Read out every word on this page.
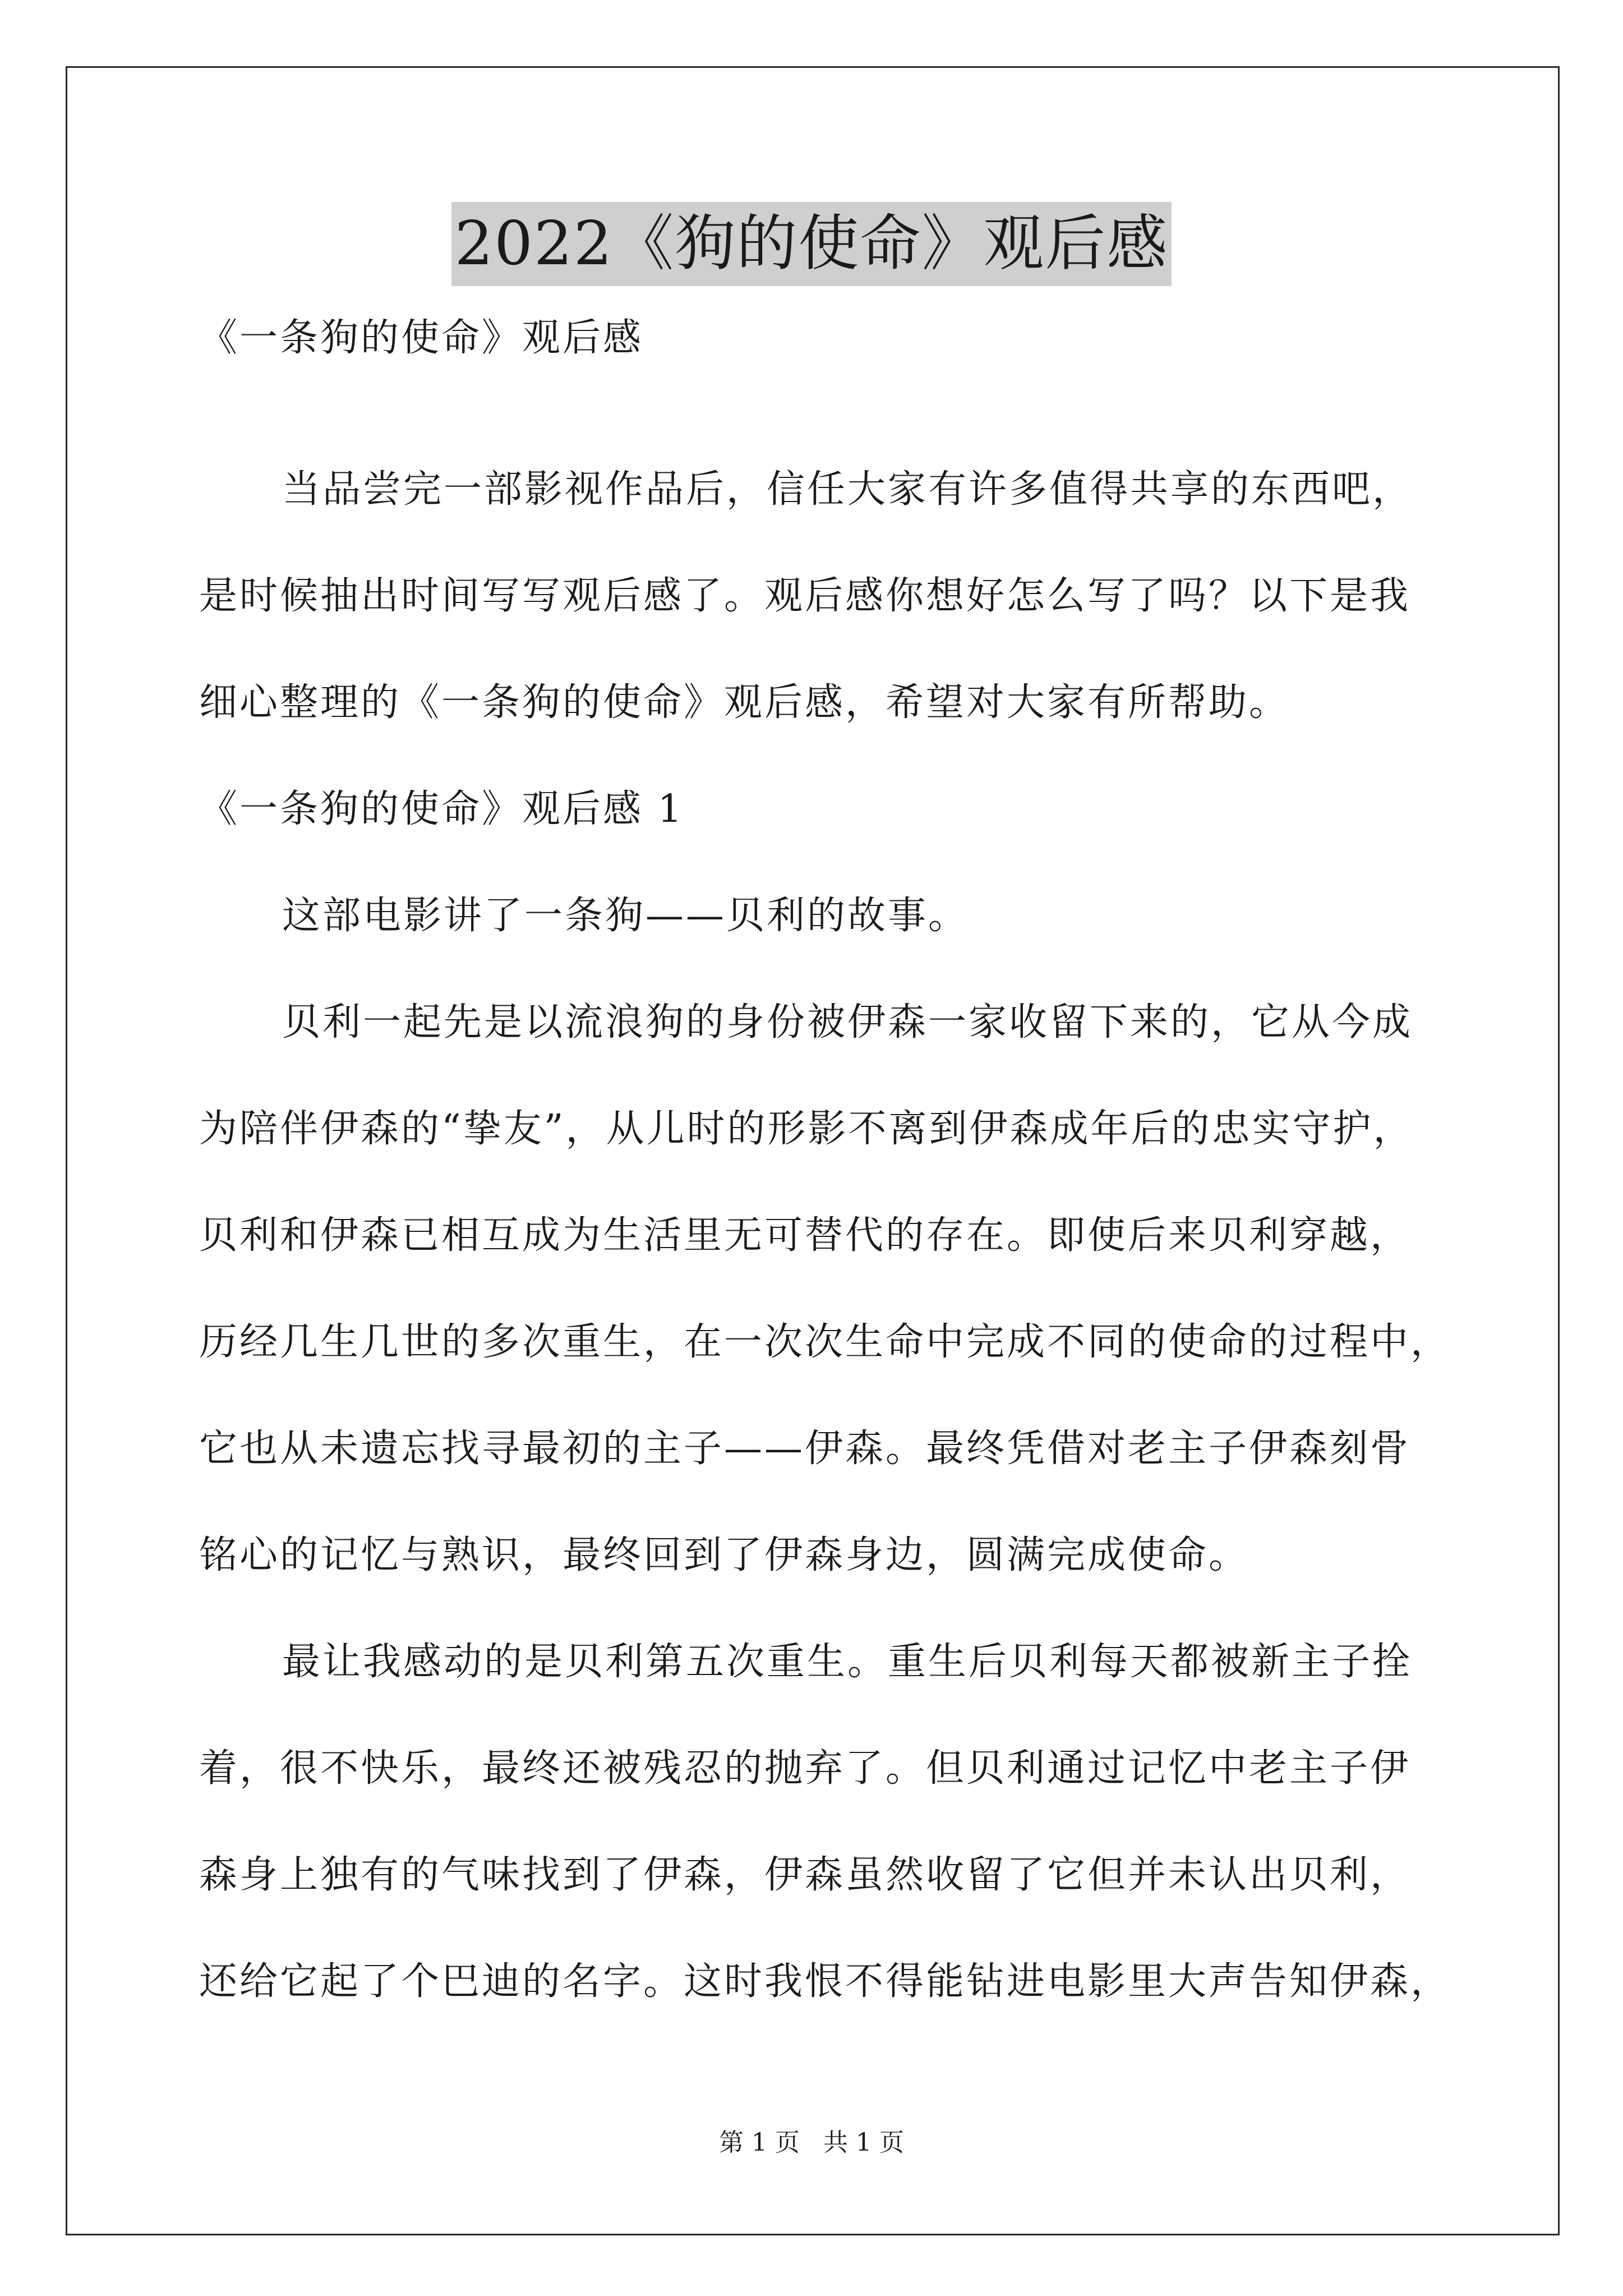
2022《狗的使命》观后感
《一条狗的使命》观后感
当品尝完一部影视作品后，信任大家有许多值得共享的东西吧，
是时候抽出时间写写观后感了。观后感你想好怎么写了吗？以下是我
细心整理的《一条狗的使命》观后感，希望对大家有所帮助。
《一条狗的使命》观后感 1
这部电影讲了一条狗——贝利的故事。
贝利一起先是以流浪狗的身份被伊森一家收留下来的，它从今成
为陪伴伊森的“挚友”，从儿时的形影不离到伊森成年后的忠实守护，
贝利和伊森已相互成为生活里无可替代的存在。即使后来贝利穿越，
历经几生几世的多次重生，在一次次生命中完成不同的使命的过程中，
它也从未遗忘找寻最初的主子——伊森。最终凭借对老主子伊森刻骨
铭心的记忆与熟识，最终回到了伊森身边，圆满完成使命。
最让我感动的是贝利第五次重生。重生后贝利每天都被新主子拴
着，很不快乐，最终还被残忍的抛弃了。但贝利通过记忆中老主子伊
森身上独有的气味找到了伊森，伊森虽然收留了它但并未认出贝利，
还给它起了个巴迪的名字。这时我恨不得能钻进电影里大声告知伊森，
第 1 页 共 1 页
